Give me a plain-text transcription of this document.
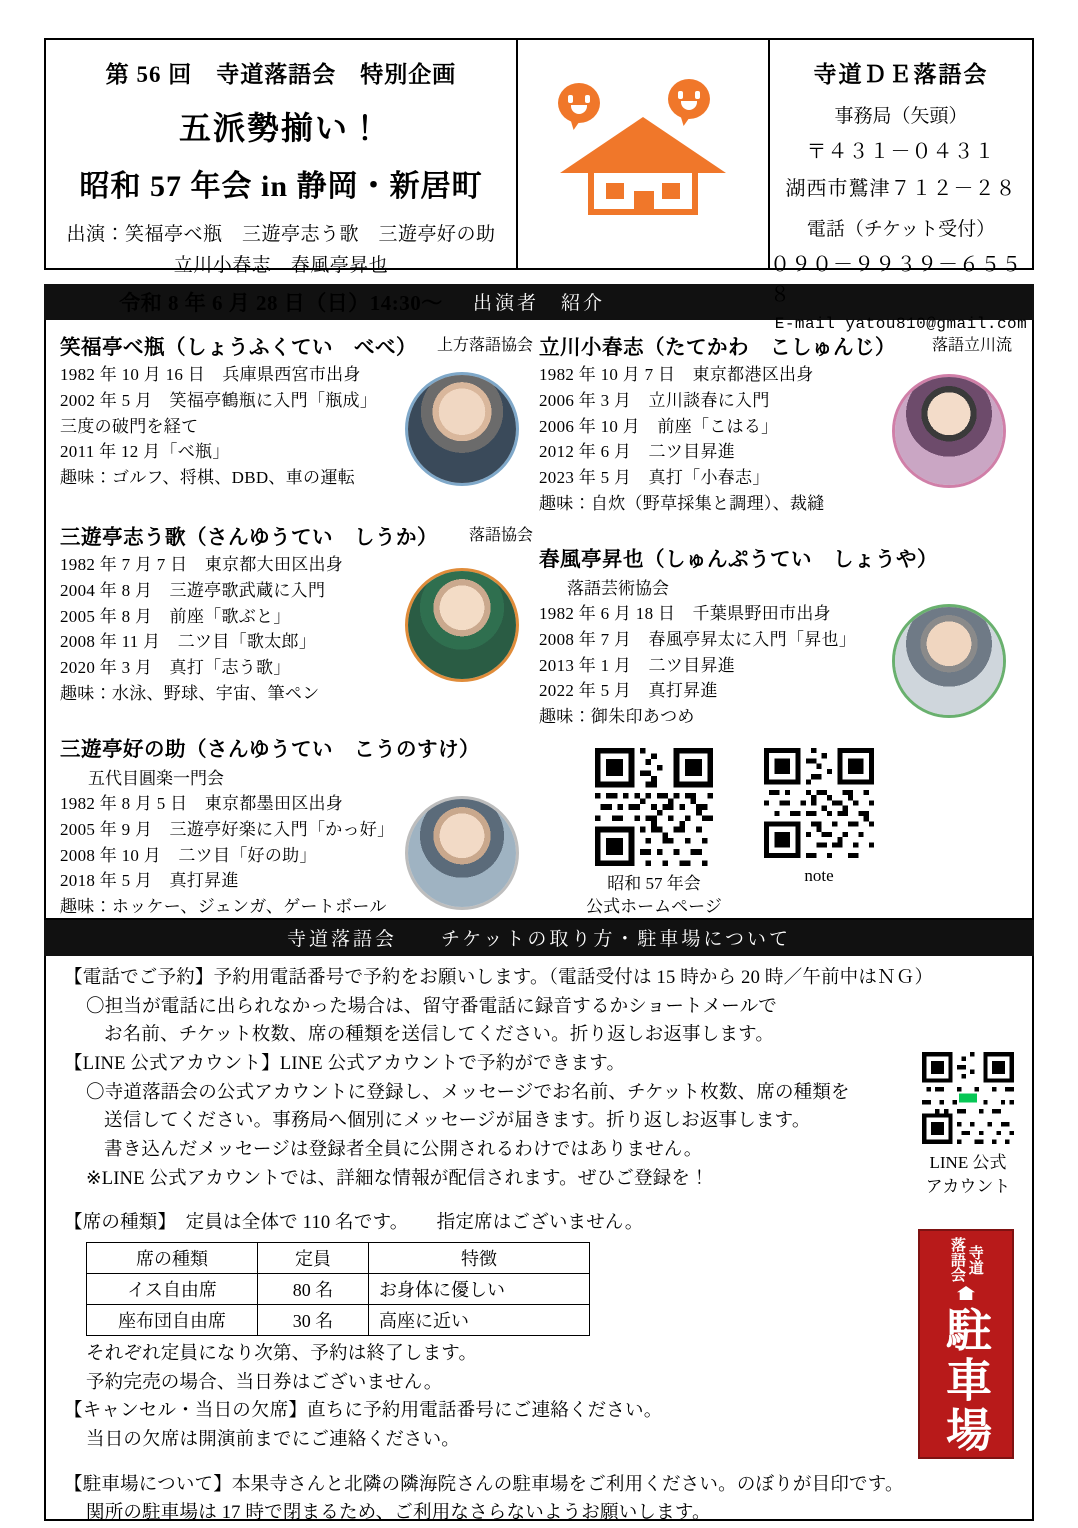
第 56 回　寺道落語会　特別企画
五派勢揃い！
昭和 57 年会 in 静岡・新居町
出演：笑福亭べ瓶　三遊亭志う歌　三遊亭好の助
立川小春志　春風亭昇也
令和 8 年 6 月 28 日（日）14:30〜
寺道ＤＥ落語会
事務局（矢頭）
〒４３１－０４３１
湖西市鷲津７１２－２８
電話（チケット受付）
０９０－９９３９－６５５８
E-mail yatou810@gmail.com
出演者　紹介
笑福亭べ瓶（しょうふくてい　べべ）	上方落語協会
1982 年 10 月 16 日　兵庫県西宮市出身
2002 年 5 月　笑福亭鶴瓶に入門「瓶成」
三度の破門を経て
2011 年 12 月「べ瓶」
趣味：ゴルフ、将棋、DBD、車の運転
三遊亭志う歌（さんゆうてい　しうか）	落語協会
1982 年 7 月 7 日　東京都大田区出身
2004 年 8 月　三遊亭歌武蔵に入門
2005 年 8 月　前座「歌ぶと」
2008 年 11 月　二ツ目「歌太郎」
2020 年 3 月　真打「志う歌」
趣味：水泳、野球、宇宙、筆ペン
三遊亭好の助（さんゆうてい　こうのすけ）
五代目圓楽一門会
1982 年 8 月 5 日　東京都墨田区出身
2005 年 9 月　三遊亭好楽に入門「かっ好」
2008 年 10 月　二ツ目「好の助」
2018 年 5 月　真打昇進
趣味：ホッケー、ジェンガ、ゲートボール
立川小春志（たてかわ　こしゅんじ）	落語立川流
1982 年 10 月 7 日　東京都港区出身
2006 年 3 月　立川談春に入門
2006 年 10 月　前座「こはる」
2012 年 6 月　二ツ目昇進
2023 年 5 月　真打「小春志」
趣味：自炊（野草採集と調理）、裁縫
春風亭昇也（しゅんぷうてい　しょうや）
落語芸術協会
1982 年 6 月 18 日　千葉県野田市出身
2008 年 7 月　春風亭昇太に入門「昇也」
2013 年 1 月　二ツ目昇進
2022 年 5 月　真打昇進
趣味：御朱印あつめ
昭和 57 年会
公式ホームページ
note
寺道落語会　　チケットの取り方・駐車場について

【電話でご予約】予約用電話番号で予約をお願いします。（電話受付は 15 時から 20 時／午前中はＮＧ）

〇担当が電話に出られなかった場合は、留守番電話に録音するかショートメールで

お名前、チケット枚数、席の種類を送信してください。折り返しお返事します。

【LINE 公式アカウント】LINE 公式アカウントで予約ができます。

〇寺道落語会の公式アカウントに登録し、メッセージでお名前、チケット枚数、席の種類を

送信してください。事務局へ個別にメッセージが届きます。折り返しお返事します。

書き込んだメッセージは登録者全員に公開されるわけではありません。

※LINE 公式アカウントでは、詳細な情報が配信されます。ぜひご登録を！

【席の種類】　定員は全体で 110 名です。　　指定席はございません。

席の種類	定員	特徴
イス自由席	80 名	お身体に優しい
座布団自由席	30 名	高座に近い

それぞれ定員になり次第、予約は終了します。

予約完売の場合、当日券はございません。

【キャンセル・当日の欠席】直ちに予約用電話番号にご連絡ください。

当日の欠席は開演前までにご連絡ください。

【駐車場について】本果寺さんと北隣の隣海院さんの駐車場をご利用ください。のぼりが目印です。

関所の駐車場は 17 時で閉まるため、ご利用なさらないようお願いします。

LINE 公式
アカウント
落語会 寺道
駐車場
